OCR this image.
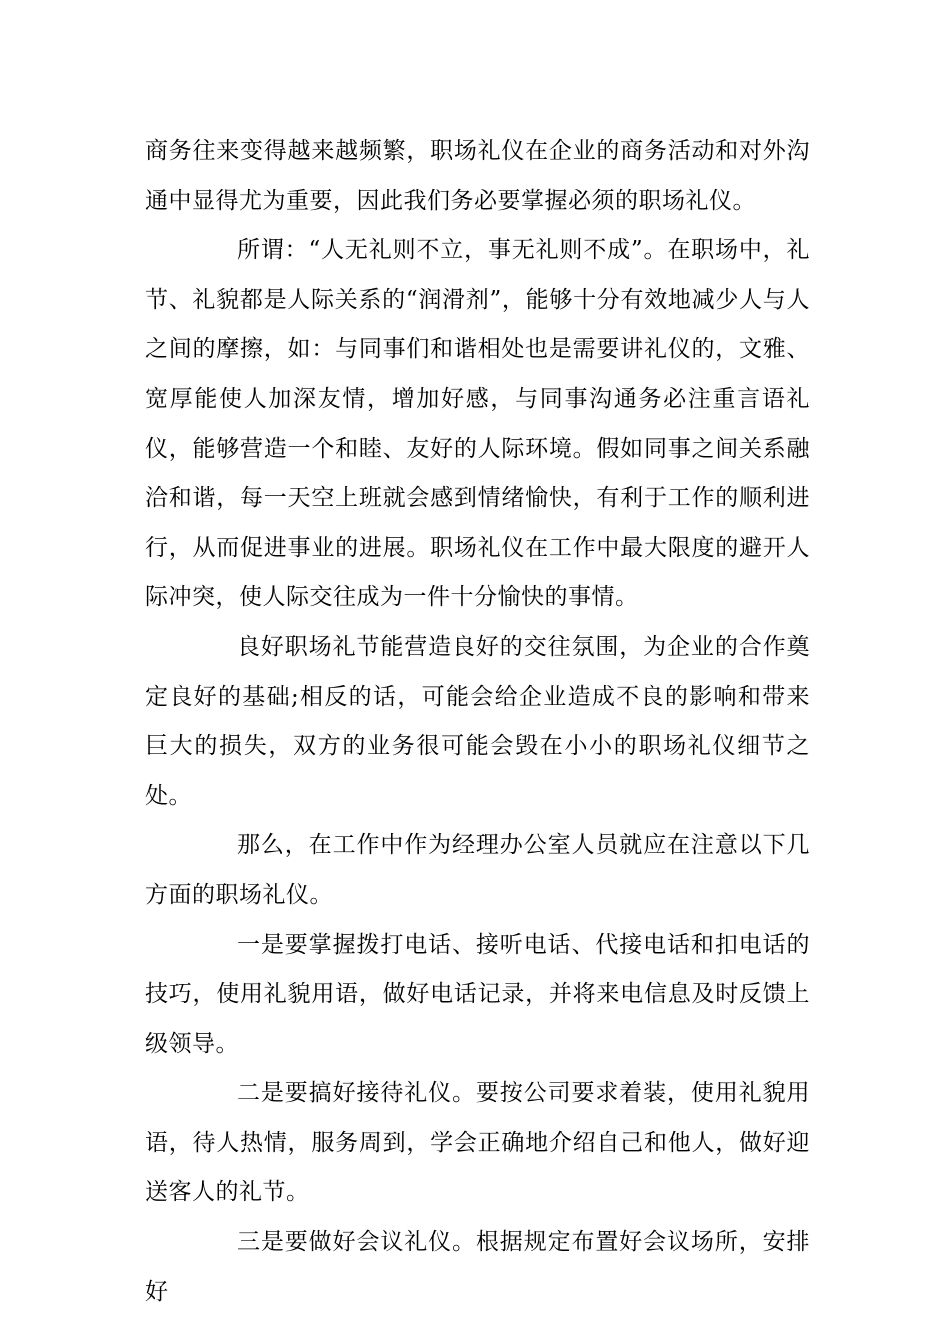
商务往来变得越来越频繁，职场礼仪在企业的商务活动和对外沟通中显得尤为重要，因此我们务必要掌握必须的职场礼仪。

所谓：“人无礼则不立，事无礼则不成”。在职场中，礼节、礼貌都是人际关系的“润滑剂”，能够十分有效地减少人与人之间的摩擦，如：与同事们和谐相处也是需要讲礼仪的，文雅、宽厚能使人加深友情，增加好感，与同事沟通务必注重言语礼仪，能够营造一个和睦、友好的人际环境。假如同事之间关系融洽和谐，每一天空上班就会感到情绪愉快，有利于工作的顺利进行，从而促进事业的进展。职场礼仪在工作中最大限度的避开人际冲突，使人际交往成为一件十分愉快的事情。

良好职场礼节能营造良好的交往氛围，为企业的合作奠定良好的基础;相反的话，可能会给企业造成不良的影响和带来巨大的损失，双方的业务很可能会毁在小小的职场礼仪细节之处。

那么，在工作中作为经理办公室人员就应在注意以下几方面的职场礼仪。

一是要掌握拨打电话、接听电话、代接电话和扣电话的技巧，使用礼貌用语，做好电话记录，并将来电信息及时反馈上级领导。

二是要搞好接待礼仪。要按公司要求着装，使用礼貌用语，待人热情，服务周到，学会正确地介绍自己和他人，做好迎送客人的礼节。

三是要做好会议礼仪。根据规定布置好会议场所，安排好
